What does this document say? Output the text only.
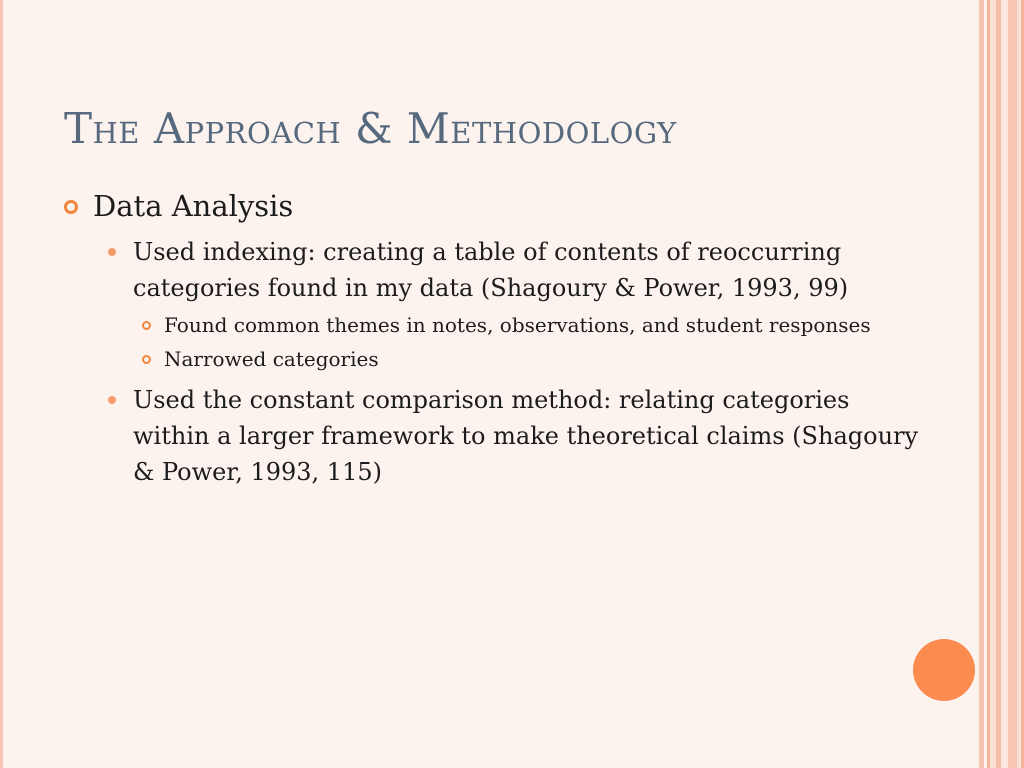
The Approach & Methodology
Data Analysis
Used indexing: creating a table of contents of reoccurring categories found in my data (Shagoury & Power, 1993, 99)
Found common themes in notes, observations, and student responses
Narrowed categories
Used the constant comparison method: relating categories within a larger framework to make theoretical claims (Shagoury & Power, 1993, 115)
